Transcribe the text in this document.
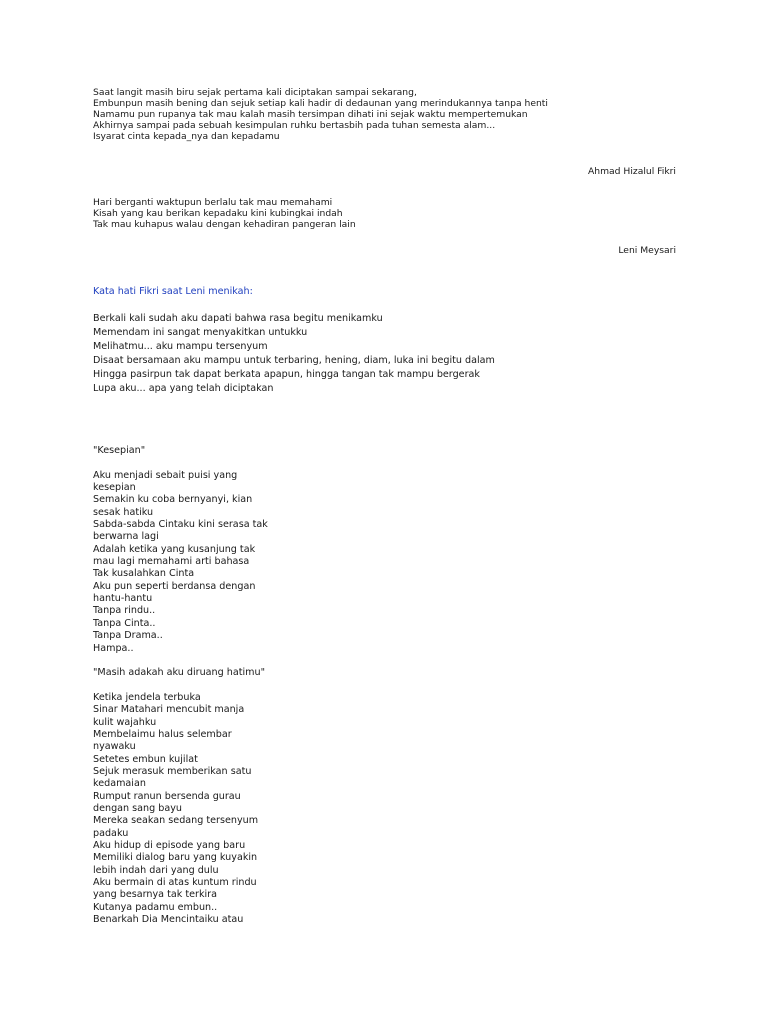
Saat langit masih biru sejak pertama kali diciptakan sampai sekarang,
Embunpun masih bening dan sejuk setiap kali hadir di dedaunan yang merindukannya tanpa henti
Namamu pun rupanya tak mau kalah masih tersimpan dihati ini sejak waktu mempertemukan
Akhirnya sampai pada sebuah kesimpulan ruhku bertasbih pada tuhan semesta alam...
Isyarat cinta kepada_nya dan kepadamu
Ahmad Hizalul Fikri
Hari berganti waktupun berlalu tak mau memahami
Kisah yang kau berikan kepadaku kini kubingkai indah
Tak mau kuhapus walau dengan kehadiran pangeran lain
Leni Meysari
Kata hati Fikri saat Leni menikah:
Berkali kali sudah aku dapati bahwa rasa begitu menikamku
Memendam ini sangat menyakitkan untukku
Melihatmu... aku mampu tersenyum
Disaat bersamaan aku mampu untuk terbaring, hening, diam, luka ini begitu dalam
Hingga pasirpun tak dapat berkata apapun, hingga tangan tak mampu bergerak
Lupa aku... apa yang telah diciptakan
"Kesepian"
Aku menjadi sebait puisi yang
kesepian
Semakin ku coba bernyanyi, kian
sesak hatiku
Sabda-sabda Cintaku kini serasa tak
berwarna lagi
Adalah ketika yang kusanjung tak
mau lagi memahami arti bahasa
Tak kusalahkan Cinta
Aku pun seperti berdansa dengan
hantu-hantu
Tanpa rindu..
Tanpa Cinta..
Tanpa Drama..
Hampa..
"Masih adakah aku diruang hatimu"
Ketika jendela terbuka
Sinar Matahari mencubit manja
kulit wajahku
Membelaimu halus selembar
nyawaku
Setetes embun kujilat
Sejuk merasuk memberikan satu
kedamaian
Rumput ranun bersenda gurau
dengan sang bayu
Mereka seakan sedang tersenyum
padaku
Aku hidup di episode yang baru
Memiliki dialog baru yang kuyakin
lebih indah dari yang dulu
Aku bermain di atas kuntum rindu
yang besarnya tak terkira
Kutanya padamu embun..
Benarkah Dia Mencintaiku atau
